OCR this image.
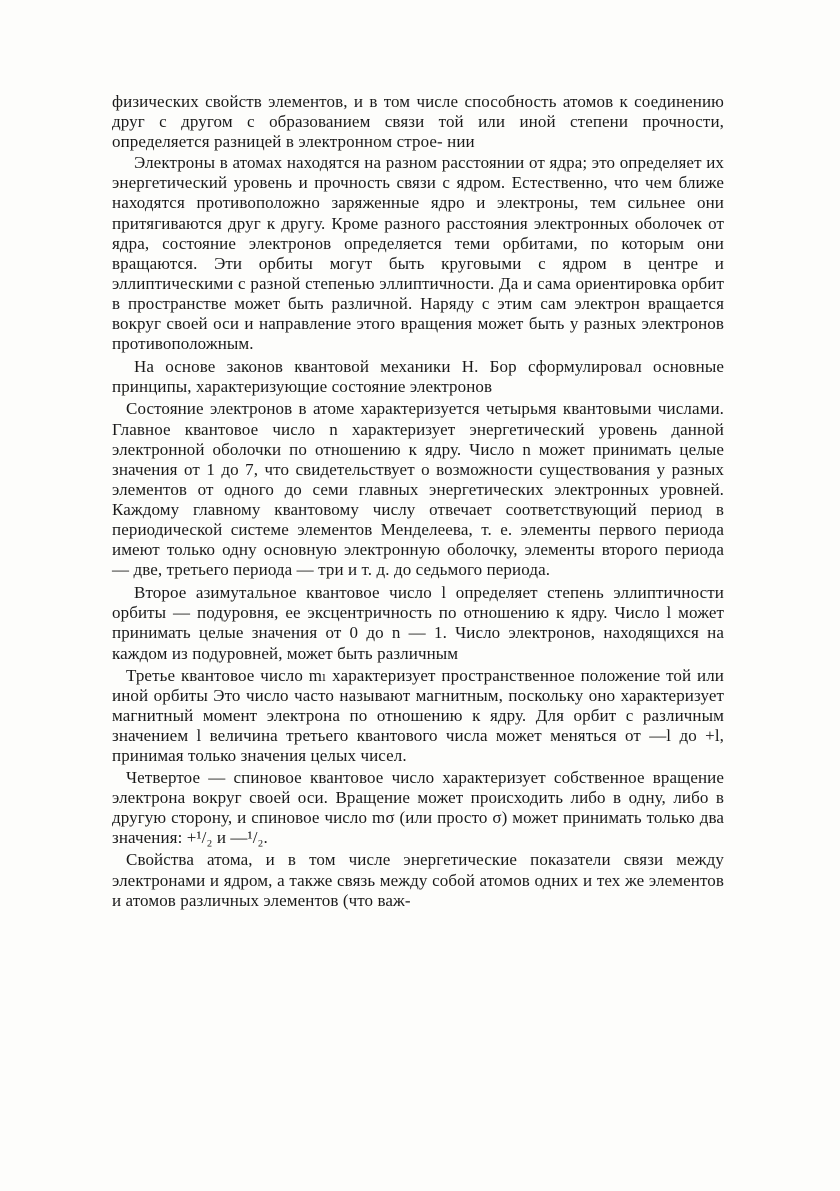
физических свойств элементов, и в том числе способность атомов к соединению друг с другом с образованием связи той или иной степени прочности, определяется разницей в электронном строе- нии

Электроны в атомах находятся на разном расстоянии от ядра; это определяет их энергетический уровень и прочность связи с ядром. Естественно, что чем ближе находятся противоположно заряженные ядро и электроны, тем сильнее они притягиваются друг к другу. Кроме разного расстояния электронных оболочек от ядра, состояние электронов определяется теми орбитами, по которым они вращаются. Эти орбиты могут быть круговыми с ядром в центре и эллиптическими с разной степенью эллиптичности. Да и сама ориентировка орбит в пространстве может быть различной. Наряду с этим сам электрон вращается вокруг своей оси и направление этого вращения может быть у разных электронов противоположным.

На основе законов квантовой механики Н. Бор сформулировал основные принципы, характеризующие состояние электронов

Состояние электронов в атоме характеризуется четырьмя квантовыми числами. Главное квантовое число n характеризует энергетический уровень данной электронной оболочки по отношению к ядру. Число n может принимать целые значения от 1 до 7, что свидетельствует о возможности существования у разных элементов от одного до семи главных энергетических электронных уровней. Каждому главному квантовому числу отвечает соответствующий период в периодической системе элементов Менделеева, т. е. элементы первого периода имеют только одну основную электронную оболочку, элементы второго периода — две, третьего периода — три и т. д. до седьмого периода.

Второе азимутальное квантовое число l определяет степень эллиптичности орбиты — подуровня, ее эксцентричность по отношению к ядру. Число l может принимать целые значения от 0 до n — 1. Число электронов, находящихся на каждом из подуровней, может быть различным

Третье квантовое число mₗ характеризует пространственное положение той или иной орбиты Это число часто называют магнитным, поскольку оно характеризует магнитный момент электрона по отношению к ядру. Для орбит с различным значением l величина третьего квантового числа может меняться от —l до +l, принимая только значения целых чисел.

Четвертое — спиновое квантовое число характеризует собственное вращение электрона вокруг своей оси. Вращение может происходить либо в одну, либо в другую сторону, и спиновое число mσ (или просто σ) может принимать только два значения: +¹/₂ и —¹/₂.

Свойства атома, и в том числе энергетические показатели связи между электронами и ядром, а также связь между собой атомов одних и тех же элементов и атомов различных элементов (что важ-
